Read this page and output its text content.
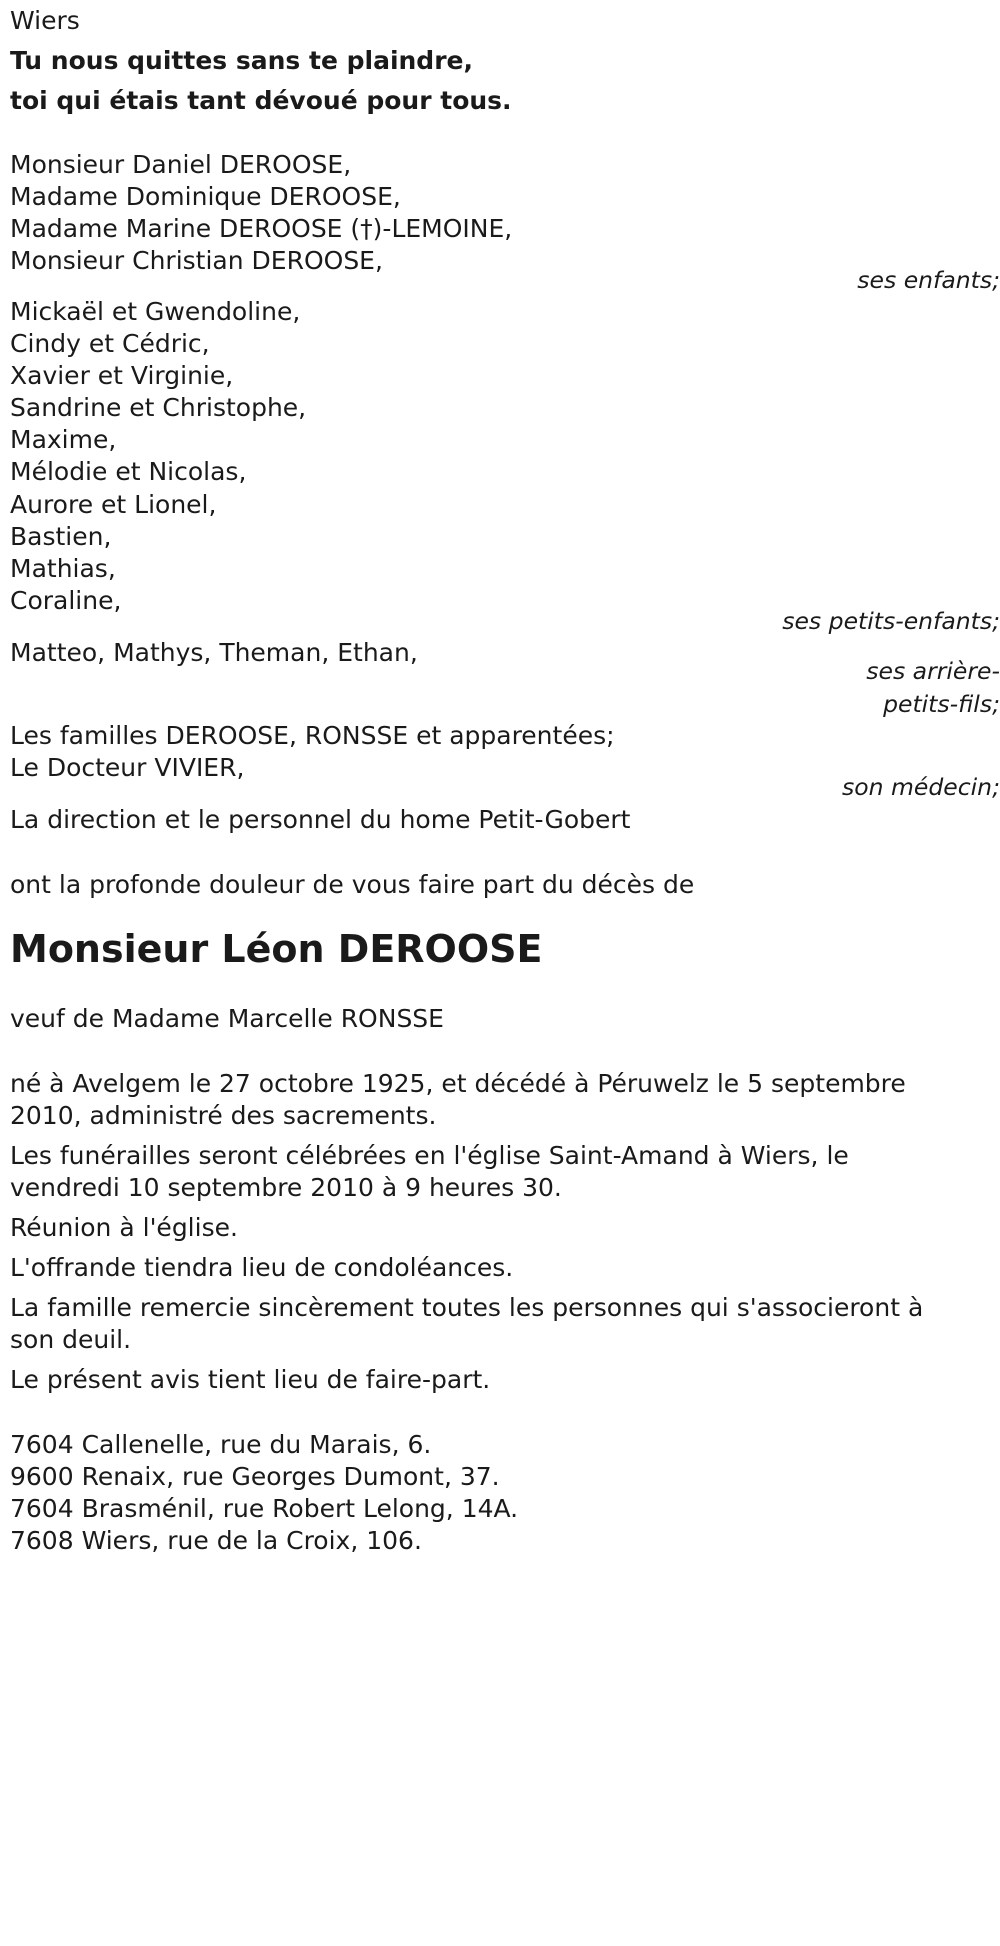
Wiers
Tu nous quittes sans te plaindre,
toi qui étais tant dévoué pour tous.
Monsieur Daniel DEROOSE,
Madame Dominique DEROOSE,
Madame Marine DEROOSE (†)-LEMOINE,
Monsieur Christian DEROOSE,
ses enfants;
Mickaël et Gwendoline,
Cindy et Cédric,
Xavier et Virginie,
Sandrine et Christophe,
Maxime,
Mélodie et Nicolas,
Aurore et Lionel,
Bastien,
Mathias,
Coraline,
ses petits-enfants;
Matteo, Mathys, Theman, Ethan,
ses arrière-
petits-fils;
Les familles DEROOSE, RONSSE et apparentées;
Le Docteur VIVIER,
son médecin;
La direction et le personnel du home Petit-Gobert
ont la profonde douleur de vous faire part du décès de
Monsieur Léon DEROOSE
veuf de Madame Marcelle RONSSE
né à Avelgem le 27 octobre 1925, et décédé à Péruwelz le 5 septembre
2010, administré des sacrements.
Les funérailles seront célébrées en l'église Saint-Amand à Wiers, le
vendredi 10 septembre 2010 à 9 heures 30.
Réunion à l'église.
L'offrande tiendra lieu de condoléances.
La famille remercie sincèrement toutes les personnes qui s'associeront à
son deuil.
Le présent avis tient lieu de faire-part.
7604 Callenelle, rue du Marais, 6.
9600 Renaix, rue Georges Dumont, 37.
7604 Brasménil, rue Robert Lelong, 14A.
7608 Wiers, rue de la Croix, 106.
